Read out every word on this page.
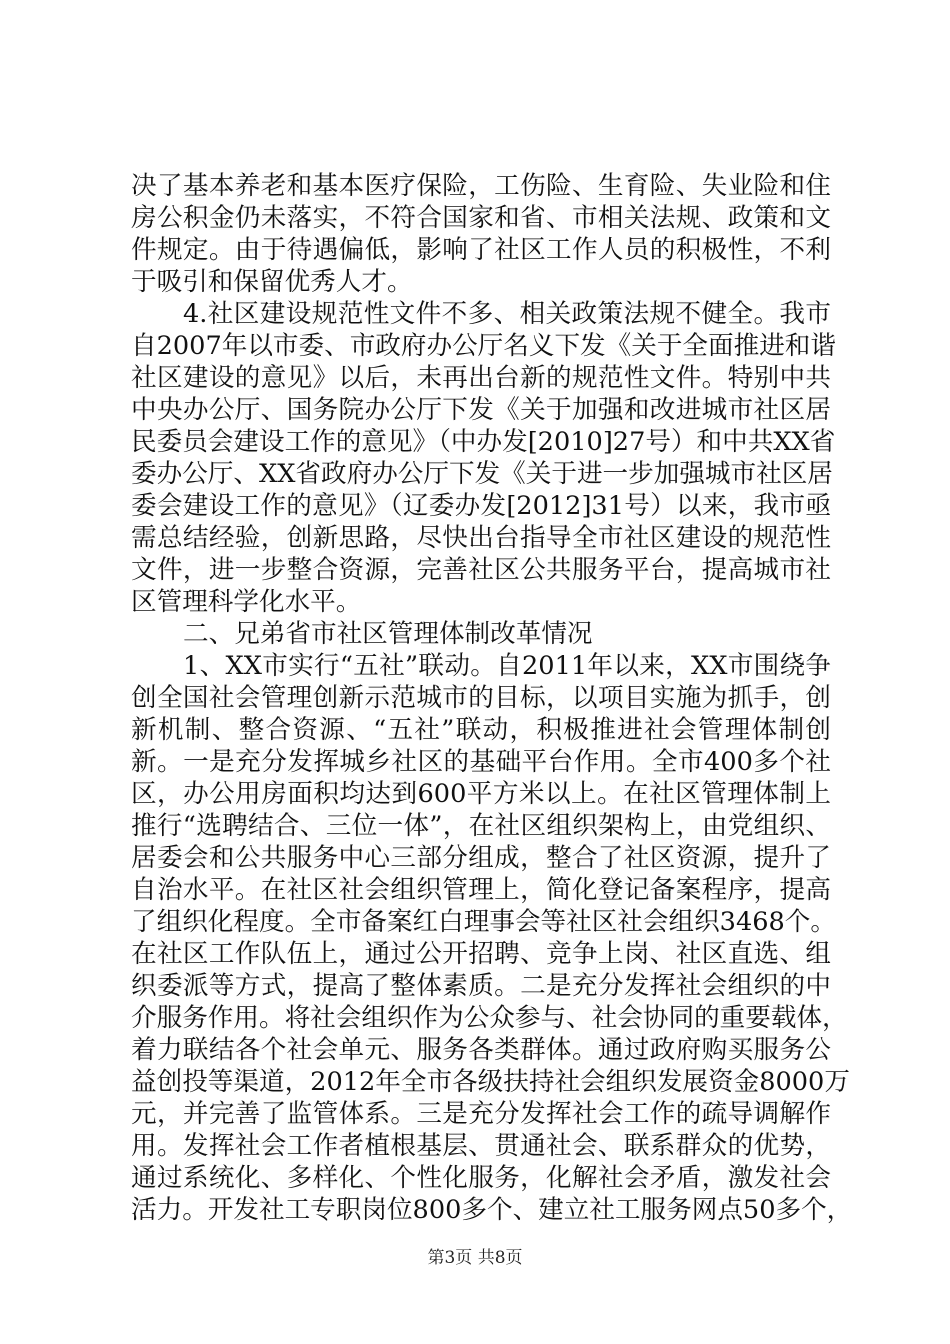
决了基本养老和基本医疗保险，工伤险、生育险、失业险和住
房公积金仍未落实，不符合国家和省、市相关法规、政策和文
件规定。由于待遇偏低，影响了社区工作人员的积极性，不利
于吸引和保留优秀人才。
4.社区建设规范性文件不多、相关政策法规不健全。我市
自2007年以市委、市政府办公厅名义下发《关于全面推进和谐
社区建设的意见》以后，未再出台新的规范性文件。特别中共
中央办公厅、国务院办公厅下发《关于加强和改进城市社区居
民委员会建设工作的意见》（中办发[2010]27号）和中共XX省
委办公厅、XX省政府办公厅下发《关于进一步加强城市社区居
委会建设工作的意见》（辽委办发[2012]31号）以来，我市亟
需总结经验，创新思路，尽快出台指导全市社区建设的规范性
文件，进一步整合资源，完善社区公共服务平台，提高城市社
区管理科学化水平。
二、兄弟省市社区管理体制改革情况
1、XX市实行“五社”联动。自2011年以来，XX市围绕争
创全国社会管理创新示范城市的目标，以项目实施为抓手，创
新机制、整合资源、“五社”联动，积极推进社会管理体制创
新。一是充分发挥城乡社区的基础平台作用。全市400多个社
区，办公用房面积均达到600平方米以上。在社区管理体制上
推行“选聘结合、三位一体”，在社区组织架构上，由党组织、
居委会和公共服务中心三部分组成，整合了社区资源，提升了
自治水平。在社区社会组织管理上，简化登记备案程序，提高
了组织化程度。全市备案红白理事会等社区社会组织3468个。
在社区工作队伍上，通过公开招聘、竞争上岗、社区直选、组
织委派等方式，提高了整体素质。二是充分发挥社会组织的中
介服务作用。将社会组织作为公众参与、社会协同的重要载体，
着力联结各个社会单元、服务各类群体。通过政府购买服务公
益创投等渠道，2012年全市各级扶持社会组织发展资金8000万
元，并完善了监管体系。三是充分发挥社会工作的疏导调解作
用。发挥社会工作者植根基层、贯通社会、联系群众的优势，
通过系统化、多样化、个性化服务，化解社会矛盾，激发社会
活力。开发社工专职岗位800多个、建立社工服务网点50多个，
第3页 共8页
